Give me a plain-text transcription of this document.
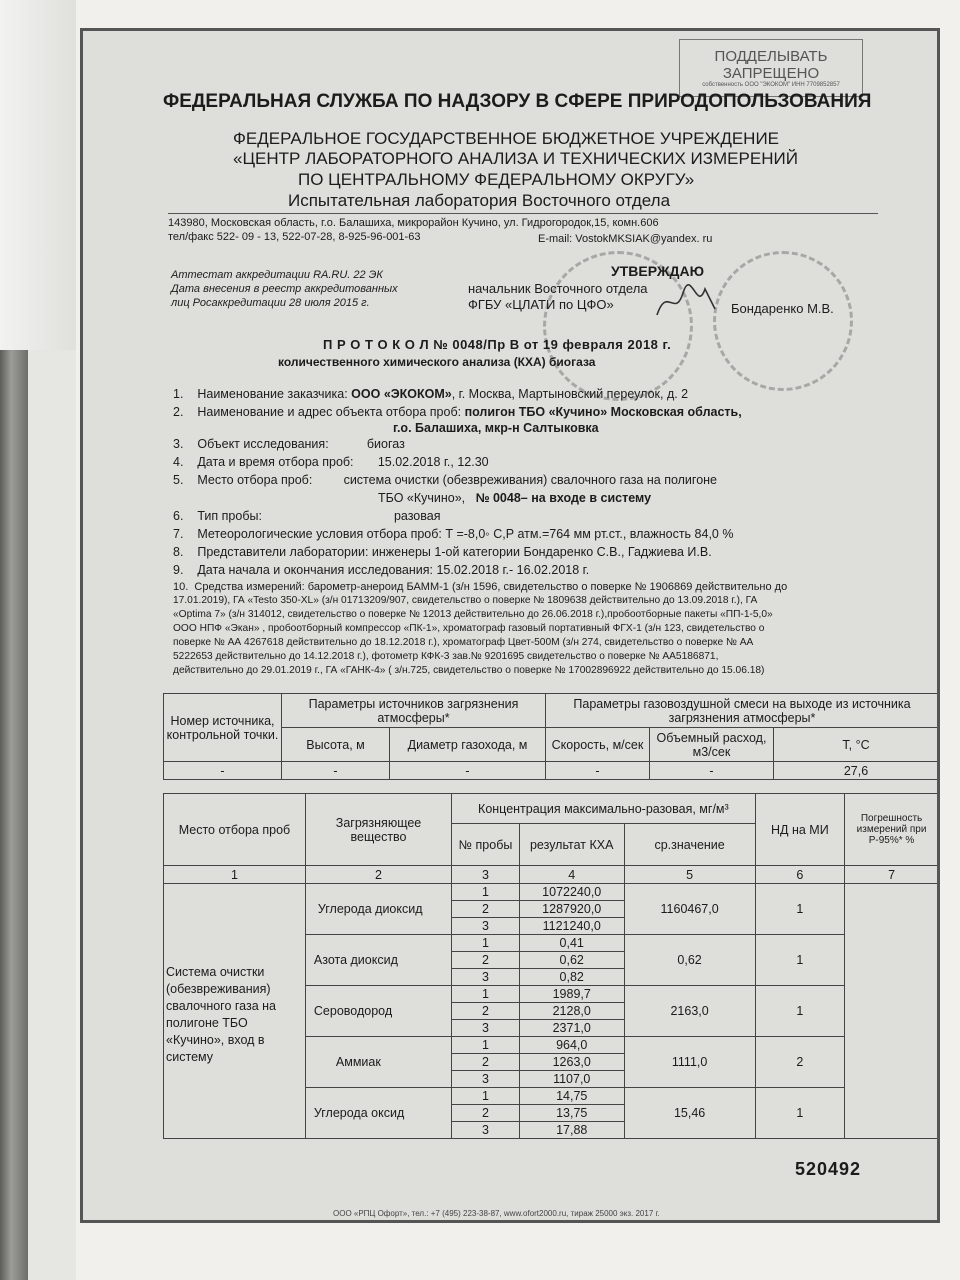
ПОДДЕЛЫВАТЬ
ЗАПРЕЩЕНО
собственность ООО "ЭКОКОМ" ИНН 7709852857
ФЕДЕРАЛЬНАЯ СЛУЖБА ПО НАДЗОРУ В СФЕРЕ ПРИРОДОПОЛЬЗОВАНИЯ
ФЕДЕРАЛЬНОЕ ГОСУДАРСТВЕННОЕ БЮДЖЕТНОЕ УЧРЕЖДЕНИЕ
«ЦЕНТР ЛАБОРАТОРНОГО АНАЛИЗА И ТЕХНИЧЕСКИХ ИЗМЕРЕНИЙ
ПО ЦЕНТРАЛЬНОМУ ФЕДЕРАЛЬНОМУ ОКРУГУ»
Испытательная лаборатория Восточного отдела
143980, Московская область, г.о. Балашиха, микрорайон Кучино, ул. Гидрогородок,15, комн.606
тел/факс 522- 09 - 13, 522-07-28, 8-925-96-001-63	E-mail: VostokMKSIAK@yandex. ru
Аттестат аккредитации RA.RU. 22 ЭК
Дата внесения в реестр аккредитованных
лиц Росаккредитации 28 июля 2015 г.
УТВЕРЖДАЮ
начальник Восточного отдела
ФГБУ «ЦЛАТИ по ЦФО»	Бондаренко М.В.
П Р О Т О К О Л № 0048/Пр В от 19 февраля 2018 г.
количественного химического анализа (КХА) биогаза
1. Наименование заказчика: ООО «ЭКОКОМ», г. Москва, Мартыновский переулок, д. 2
2. Наименование и адрес объекта отбора проб: полигон ТБО «Кучино» Московская область,
г.о. Балашиха, мкр-н Салтыковка
3. Объект исследования:	биогаз
4. Дата и время отбора проб: 15.02.2018 г., 12.30
5. Место отбора проб:	система очистки (обезвреживания) свалочного газа на полигоне
ТБО «Кучино», № 0048– на входе в систему
6. Тип пробы:	разовая
7. Метеорологические условия отбора проб: Т =-8,0◦ С,Р атм.=764 мм рт.ст., влажность 84,0 %
8. Представители лаборатории: инженеры 1-ой категории Бондаренко С.В., Гаджиева И.В.
9. Дата начала и окончания исследования: 15.02.2018 г.- 16.02.2018 г.
10. Средства измерений: барометр-анероид БАММ-1 (з/н 1596, свидетельство о поверке № 1906869 действительно до
17.01.2019), ГА «Testo 350-XL» (з/н 01713209/907, свидетельство о поверке № 1809638 действительно до 13.09.2018 г.), ГА
«Optima 7» (з/н 314012, свидетельство о поверке № 12013 действительно до 26.06.2018 г.),пробоотборные пакеты «ПП-1-5,0»
ООО НПФ «Экан» , пробоотборный компрессор «ПК-1», хроматограф газовый портативный ФГХ-1 (з/н 123, свидетельство о
поверке № АА 4267618 действительно до 18.12.2018 г.), хроматограф Цвет-500М (з/н 274, свидетельство о поверке № АА
5222653 действительно до 14.12.2018 г.), фотометр КФК-3 зав.№ 9201695 свидетельство о поверке № АА5186871,
действительно до 29.01.2019 г., ГА «ГАНК-4» ( з/н.725, свидетельство о поверке № 17002896922 действительно до 15.06.18)
Номер источника, контрольной точки.	Параметры источников загрязнения атмосферы*		Параметры газовоздушной смеси на выходе из источника загрязнения атмосферы*		
	Высота, м	Диаметр газохода, м	Скорость, м/сек	Объемный расход, м3/сек	Т, °С
-	-	-	-	-	27,6
Место отбора проб	Загрязняющее вещество	Концентрация максимально-разовая, мг/м³			НД на МИ	Погрешность измерений при Р-95%* %
		№ пробы	результат КХА	ср.значение		
1	2	3	4	5	6	7
Система очистки (обезвреживания) свалочного газа на полигоне ТБО «Кучино», вход в систему	Углерода диоксид	1	1072240,0	1160467,0	1	
		2	1287920,0			
		3	1121240,0			
	Азота диоксид	1	0,41	0,62	1	
		2	0,62			
		3	0,82			
	Сероводород	1	1989,7	2163,0	1	
		2	2128,0			
		3	2371,0			
	Аммиак	1	964,0	1111,0	2	
		2	1263,0			
		3	1107,0			
	Углерода оксид	1	14,75	15,46	1	
		2	13,75			
		3	17,88			
520492
ООО «РПЦ Офорт», тел.: +7 (495) 223-38-87, www.ofort2000.ru, тираж 25000 экз. 2017 г.
